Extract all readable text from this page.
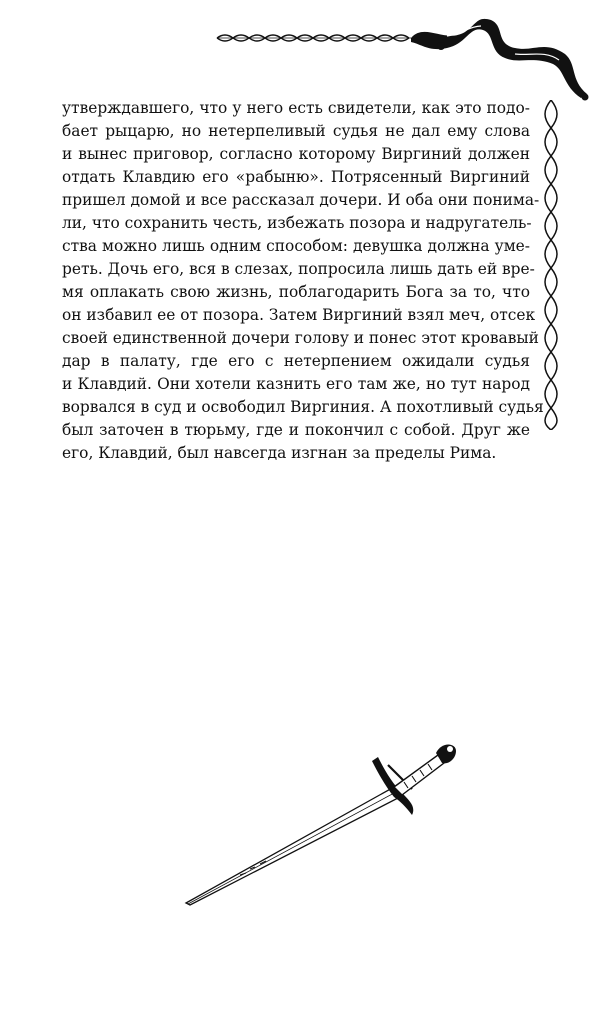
утверждавшего, что у него есть свидетели, как это подо-
бает рыцарю, но нетерпеливый судья не дал ему слова
и вынес приговор, согласно которому Виргиний должен
отдать Клавдию его «рабыню». Потрясенный Виргиний
пришел домой и все рассказал дочери. И оба они понима-
ли, что сохранить честь, избежать позора и надругатель-
ства можно лишь одним способом: девушка должна уме-
реть. Дочь его, вся в слезах, попросила лишь дать ей вре-
мя оплакать свою жизнь, поблагодарить Бога за то, что
он избавил ее от позора. Затем Виргиний взял меч, отсек
своей единственной дочери голову и понес этот кровавый
дар в палату, где его с нетерпением ожидали судья
и Клавдий. Они хотели казнить его там же, но тут народ
ворвался в суд и освободил Виргиния. А похотливый судья
был заточен в тюрьму, где и покончил с собой. Друг же
его, Клавдий, был навсегда изгнан за пределы Рима.
